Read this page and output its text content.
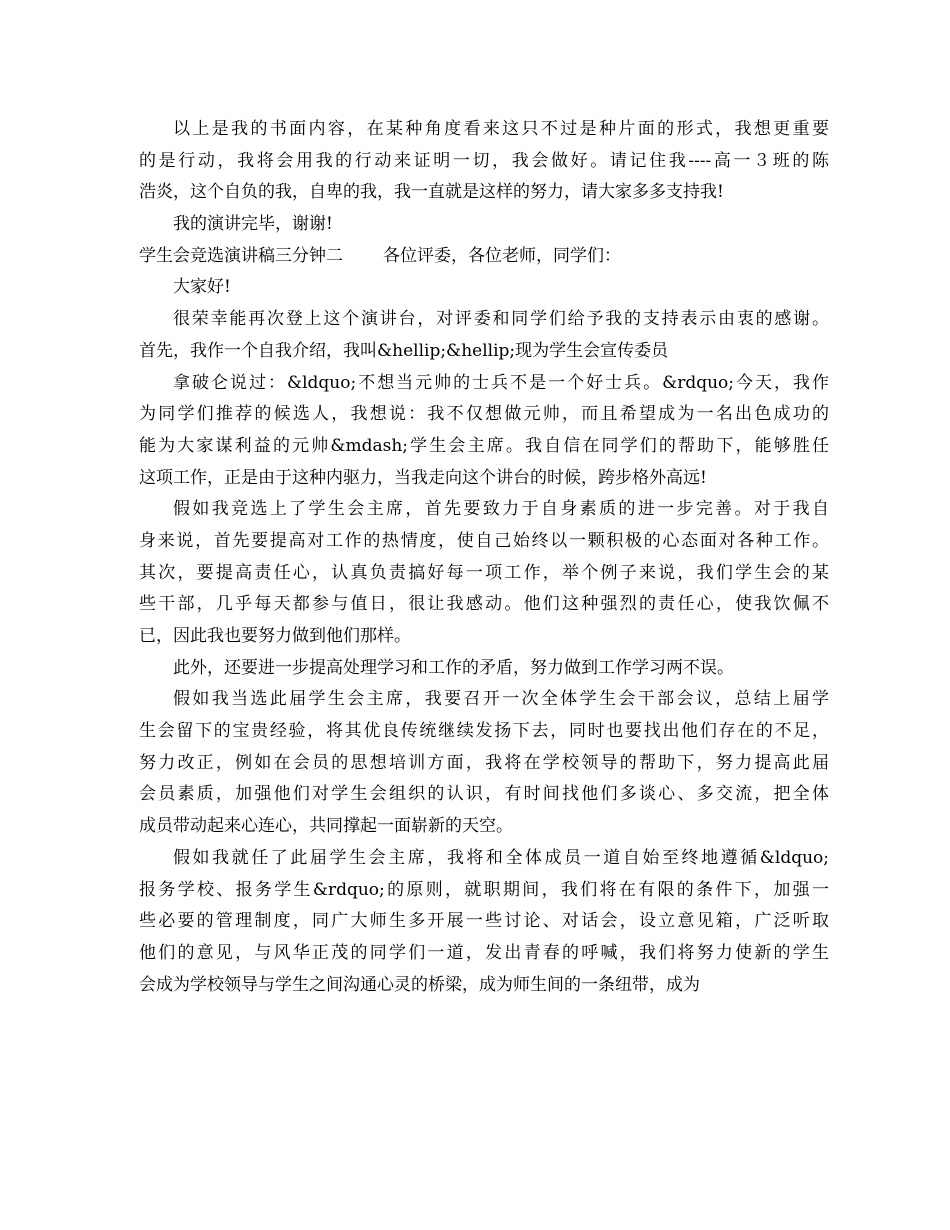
以上是我的书面内容，在某种角度看来这只不过是种片面的形式，我想更重要
的是行动，我将会用我的行动来证明一切，我会做好。请记住我----高一３班的陈
浩炎，这个自负的我，自卑的我，我一直就是这样的努力，请大家多多支持我!
我的演讲完毕，谢谢!
学生会竞选演讲稿三分钟二 各位评委，各位老师，同学们：
大家好!
很荣幸能再次登上这个演讲台，对评委和同学们给予我的支持表示由衷的感谢。
首先，我作一个自我介绍，我叫&hellip;&hellip;现为学生会宣传委员
拿破仑说过：&ldquo;不想当元帅的士兵不是一个好士兵。&rdquo;今天，我作
为同学们推荐的候选人，我想说：我不仅想做元帅，而且希望成为一名出色成功的
能为大家谋利益的元帅&mdash;学生会主席。我自信在同学们的帮助下，能够胜任
这项工作，正是由于这种内驱力，当我走向这个讲台的时候，跨步格外高远!
假如我竞选上了学生会主席，首先要致力于自身素质的进一步完善。对于我自
身来说，首先要提高对工作的热情度，使自己始终以一颗积极的心态面对各种工作。
其次，要提高责任心，认真负责搞好每一项工作，举个例子来说，我们学生会的某
些干部，几乎每天都参与值日，很让我感动。他们这种强烈的责任心，使我饮佩不
已，因此我也要努力做到他们那样。
此外，还要进一步提高处理学习和工作的矛盾，努力做到工作学习两不误。
假如我当选此届学生会主席，我要召开一次全体学生会干部会议，总结上届学
生会留下的宝贵经验，将其优良传统继续发扬下去，同时也要找出他们存在的不足，
努力改正，例如在会员的思想培训方面，我将在学校领导的帮助下，努力提高此届
会员素质，加强他们对学生会组织的认识，有时间找他们多谈心、多交流，把全体
成员带动起来心连心，共同撑起一面崭新的天空。
假如我就任了此届学生会主席，我将和全体成员一道自始至终地遵循&ldquo;
报务学校、报务学生&rdquo;的原则，就职期间，我们将在有限的条件下，加强一
些必要的管理制度，同广大师生多开展一些讨论、对话会，设立意见箱，广泛听取
他们的意见，与风华正茂的同学们一道，发出青春的呼喊，我们将努力使新的学生
会成为学校领导与学生之间沟通心灵的桥梁，成为师生间的一条纽带，成为
